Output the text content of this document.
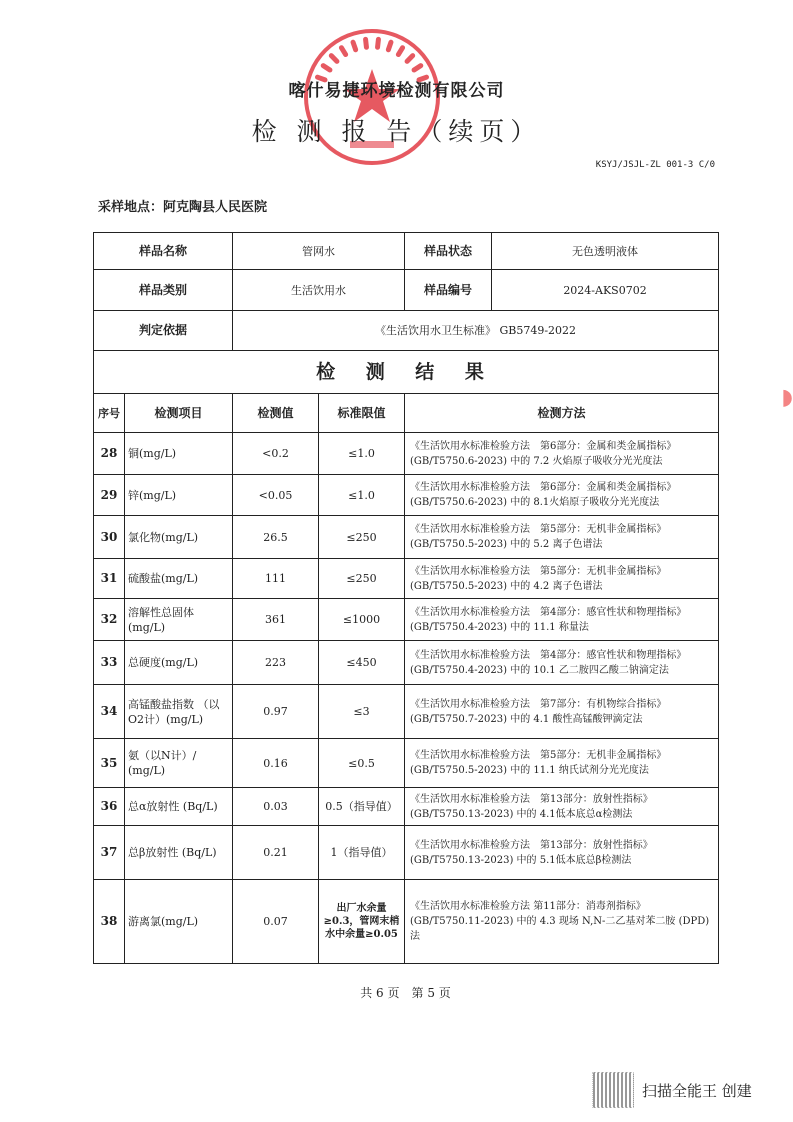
喀什易捷环境检测有限公司
检 测 报 告（续页）
KSYJ/JSJL-ZL 001-3 C/0
采样地点：阿克陶县人民医院
◗
样品名称		管网水		样品状态	无色透明液体
样品类别		生活饮用水		样品编号	2024-AKS0702
判定依据		《生活饮用水卫生标准》 GB5749-2022			
检 测 结 果					
序号	检测项目	检测值	标准限值	检测方法	
28	铜(mg/L)	<0.2	≤1.0	《生活饮用水标准检验方法　第6部分：金属和类金属指标》
(GB/T5750.6-2023) 中的 7.2 火焰原子吸收分光光度法	

29	锌(mg/L)	<0.05	≤1.0	《生活饮用水标准检验方法　第6部分：金属和类金属指标》
(GB/T5750.6-2023) 中的 8.1火焰原子吸收分光光度法	

30	氯化物(mg/L)	26.5	≤250	《生活饮用水标准检验方法　第5部分：无机非金属指标》
(GB/T5750.5-2023) 中的 5.2 离子色谱法	

31	硫酸盐(mg/L)	111	≤250	《生活饮用水标准检验方法　第5部分：无机非金属指标》
(GB/T5750.5-2023) 中的 4.2 离子色谱法	

32	溶解性总固体 (mg/L)	361	≤1000	《生活饮用水标准检验方法　第4部分：感官性状和物理指标》
(GB/T5750.4-2023) 中的 11.1 称量法	

33	总硬度(mg/L)	223	≤450	《生活饮用水标准检验方法　第4部分：感官性状和物理指标》
(GB/T5750.4-2023) 中的 10.1 乙二胺四乙酸二钠滴定法	

34	高锰酸盐指数 （以O2计）(mg/L)	0.97	≤3	《生活饮用水标准检验方法　第7部分：有机物综合指标》
(GB/T5750.7-2023) 中的 4.1 酸性高锰酸钾滴定法	

35	氨（以N计）/ (mg/L)	0.16	≤0.5	《生活饮用水标准检验方法　第5部分：无机非金属指标》
(GB/T5750.5-2023) 中的 11.1 纳氏试剂分光光度法	

36	总α放射性 (Bq/L)	0.03	0.5（指导值）	《生活饮用水标准检验方法　第13部分：放射性指标》
(GB/T5750.13-2023) 中的 4.1低本底总α检测法	

37	总β放射性 (Bq/L)	0.21	1（指导值）	《生活饮用水标准检验方法　第13部分：放射性指标》
(GB/T5750.13-2023) 中的 5.1低本底总β检测法	

38	游离氯(mg/L)	0.07	出厂水余量≥0.3，管网末梢水中余量≥0.05	《生活饮用水标准检验方法 第11部分：消毒剂指标》
(GB/T5750.11-2023) 中的 4.3 现场 N,N-二乙基对苯二胺 (DPD) 法	
共 6 页　第 5 页
扫描全能王 创建
